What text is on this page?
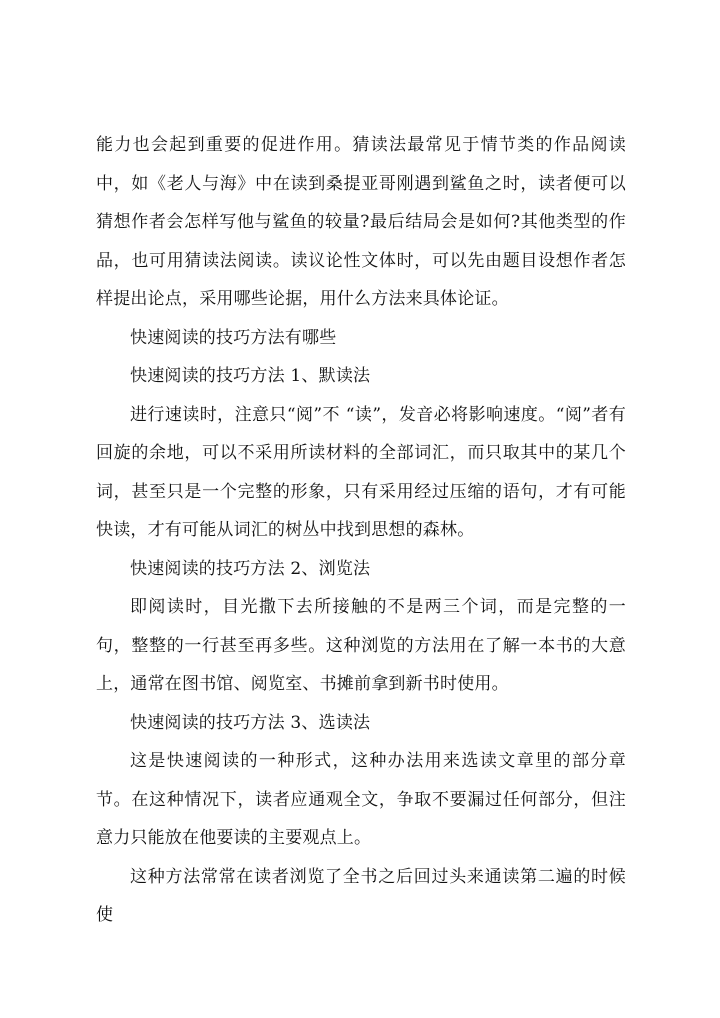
能力也会起到重要的促进作用。猜读法最常见于情节类的作品阅读中，如《老人与海》中在读到桑提亚哥刚遇到鲨鱼之时，读者便可以猜想作者会怎样写他与鲨鱼的较量?最后结局会是如何?其他类型的作品，也可用猜读法阅读。读议论性文体时，可以先由题目设想作者怎样提出论点，采用哪些论据，用什么方法来具体论证。

快速阅读的技巧方法有哪些

快速阅读的技巧方法 1、默读法

进行速读时，注意只“阅”不 “读”，发音必将影响速度。“阅”者有回旋的余地，可以不采用所读材料的全部词汇，而只取其中的某几个词，甚至只是一个完整的形象，只有采用经过压缩的语句，才有可能快读，才有可能从词汇的树丛中找到思想的森林。

快速阅读的技巧方法 2、浏览法

即阅读时，目光撒下去所接触的不是两三个词，而是完整的一句，整整的一行甚至再多些。这种浏览的方法用在了解一本书的大意上，通常在图书馆、阅览室、书摊前拿到新书时使用。

快速阅读的技巧方法 3、选读法

这是快速阅读的一种形式，这种办法用来选读文章里的部分章节。在这种情况下，读者应通观全文，争取不要漏过任何部分，但注意力只能放在他要读的主要观点上。

这种方法常常在读者浏览了全书之后回过头来通读第二遍的时候使
